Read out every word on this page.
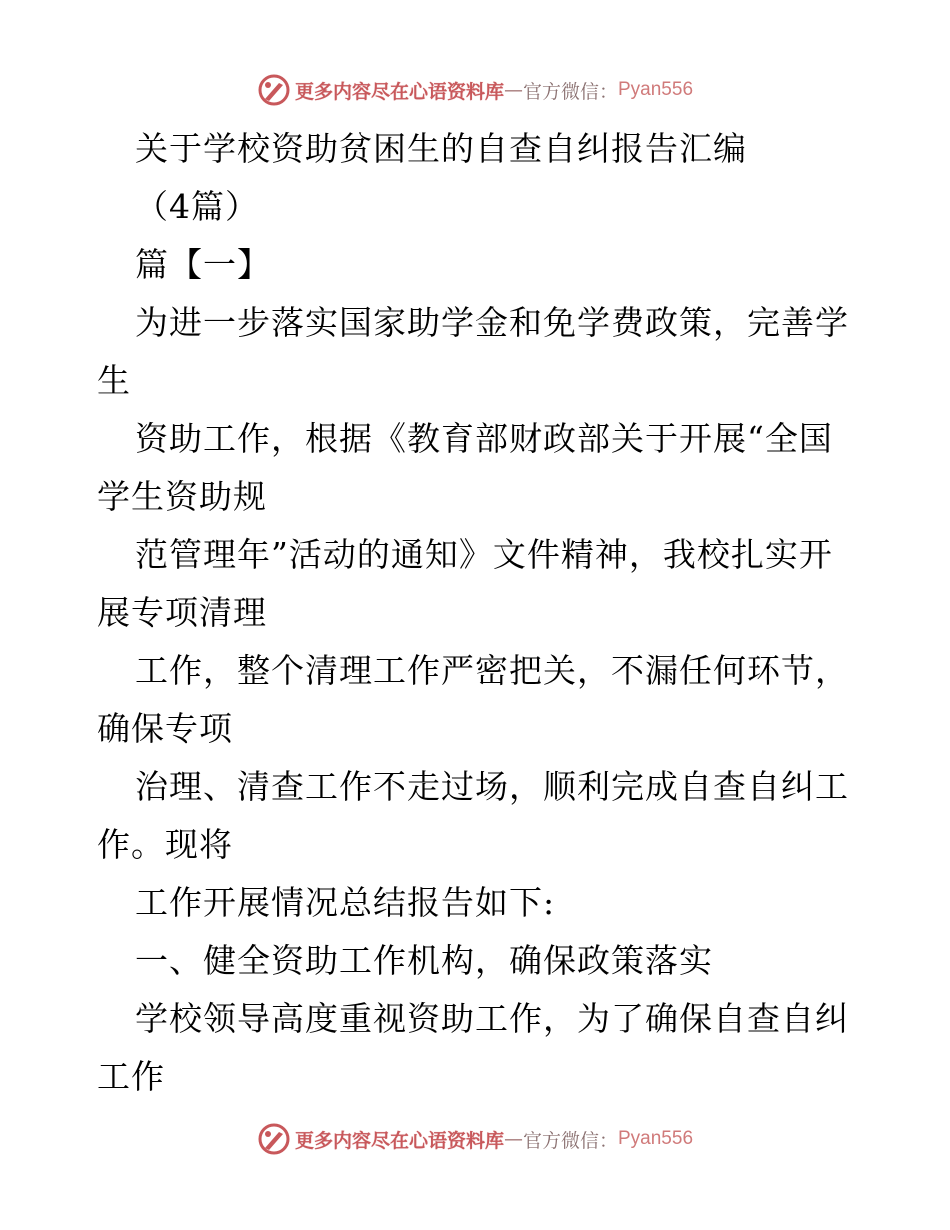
更多内容尽在心语资料库 — 官方微信： Pyan556
关于学校资助贫困生的自查自纠报告汇编
（4篇）
篇【一】
为进一步落实国家助学金和免学费政策，完善学
生
资助工作，根据《教育部财政部关于开展“全国
学生资助规
范管理年”活动的通知》文件精神，我校扎实开
展专项清理
工作，整个清理工作严密把关，不漏任何环节，
确保专项
治理、清查工作不走过场，顺利完成自查自纠工
作。现将
工作开展情况总结报告如下:
一、健全资助工作机构，确保政策落实
学校领导高度重视资助工作，为了确保自查自纠
工作
更多内容尽在心语资料库 — 官方微信： Pyan556
